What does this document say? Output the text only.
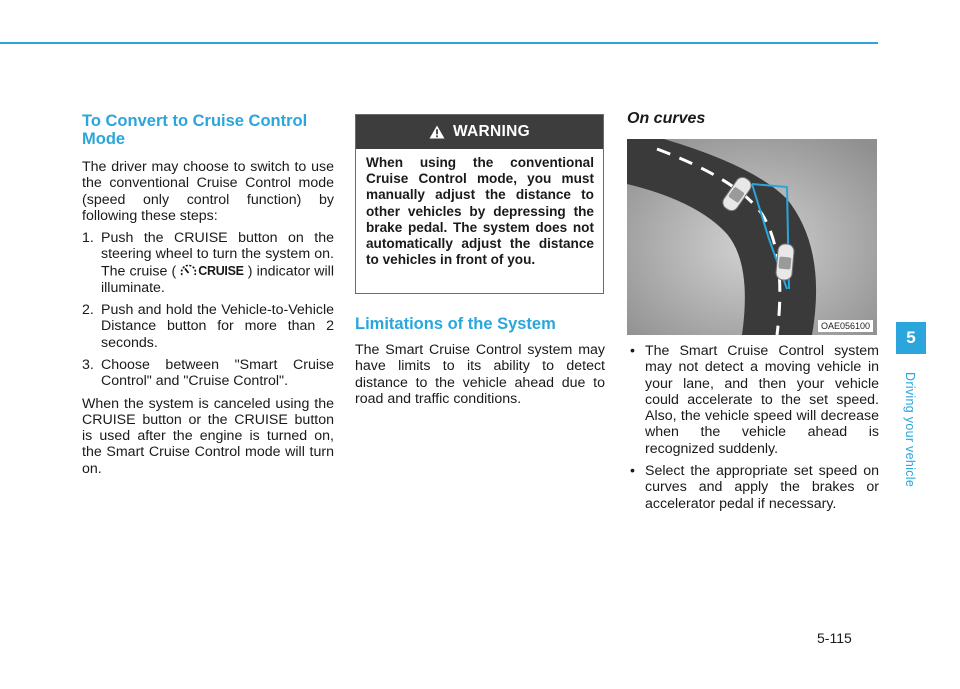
To Convert to Cruise Control Mode

The driver may choose to switch to use the conventional Cruise Control mode (speed only control function) by following these steps:

1. Push the CRUISE button on the steering wheel to turn the system on. The cruise ( CRUISE ) indicator will illuminate.
2. Push and hold the Vehicle-to-Vehicle Distance button for more than 2 seconds.
3. Choose between "Smart Cruise Control" and "Cruise Control".

When the system is canceled using the CRUISE button or the CRUISE button is used after the engine is turned on, the Smart Cruise Control mode will turn on.

WARNING
When using the conventional Cruise Control mode, you must manually adjust the distance to other vehicles by depressing the brake pedal. The system does not automatically adjust the distance to vehicles in front of you.
Limitations of the System

The Smart Cruise Control system may have limits to its ability to detect distance to the vehicle ahead due to road and traffic conditions.

On curves
OAE056100
• The Smart Cruise Control system may not detect a moving vehicle in your lane, and then your vehicle could accelerate to the set speed. Also, the vehicle speed will decrease when the vehicle ahead is recognized suddenly.
• Select the appropriate set speed on curves and apply the brakes or accelerator pedal if necessary.
5
Driving your vehicle
5-115
